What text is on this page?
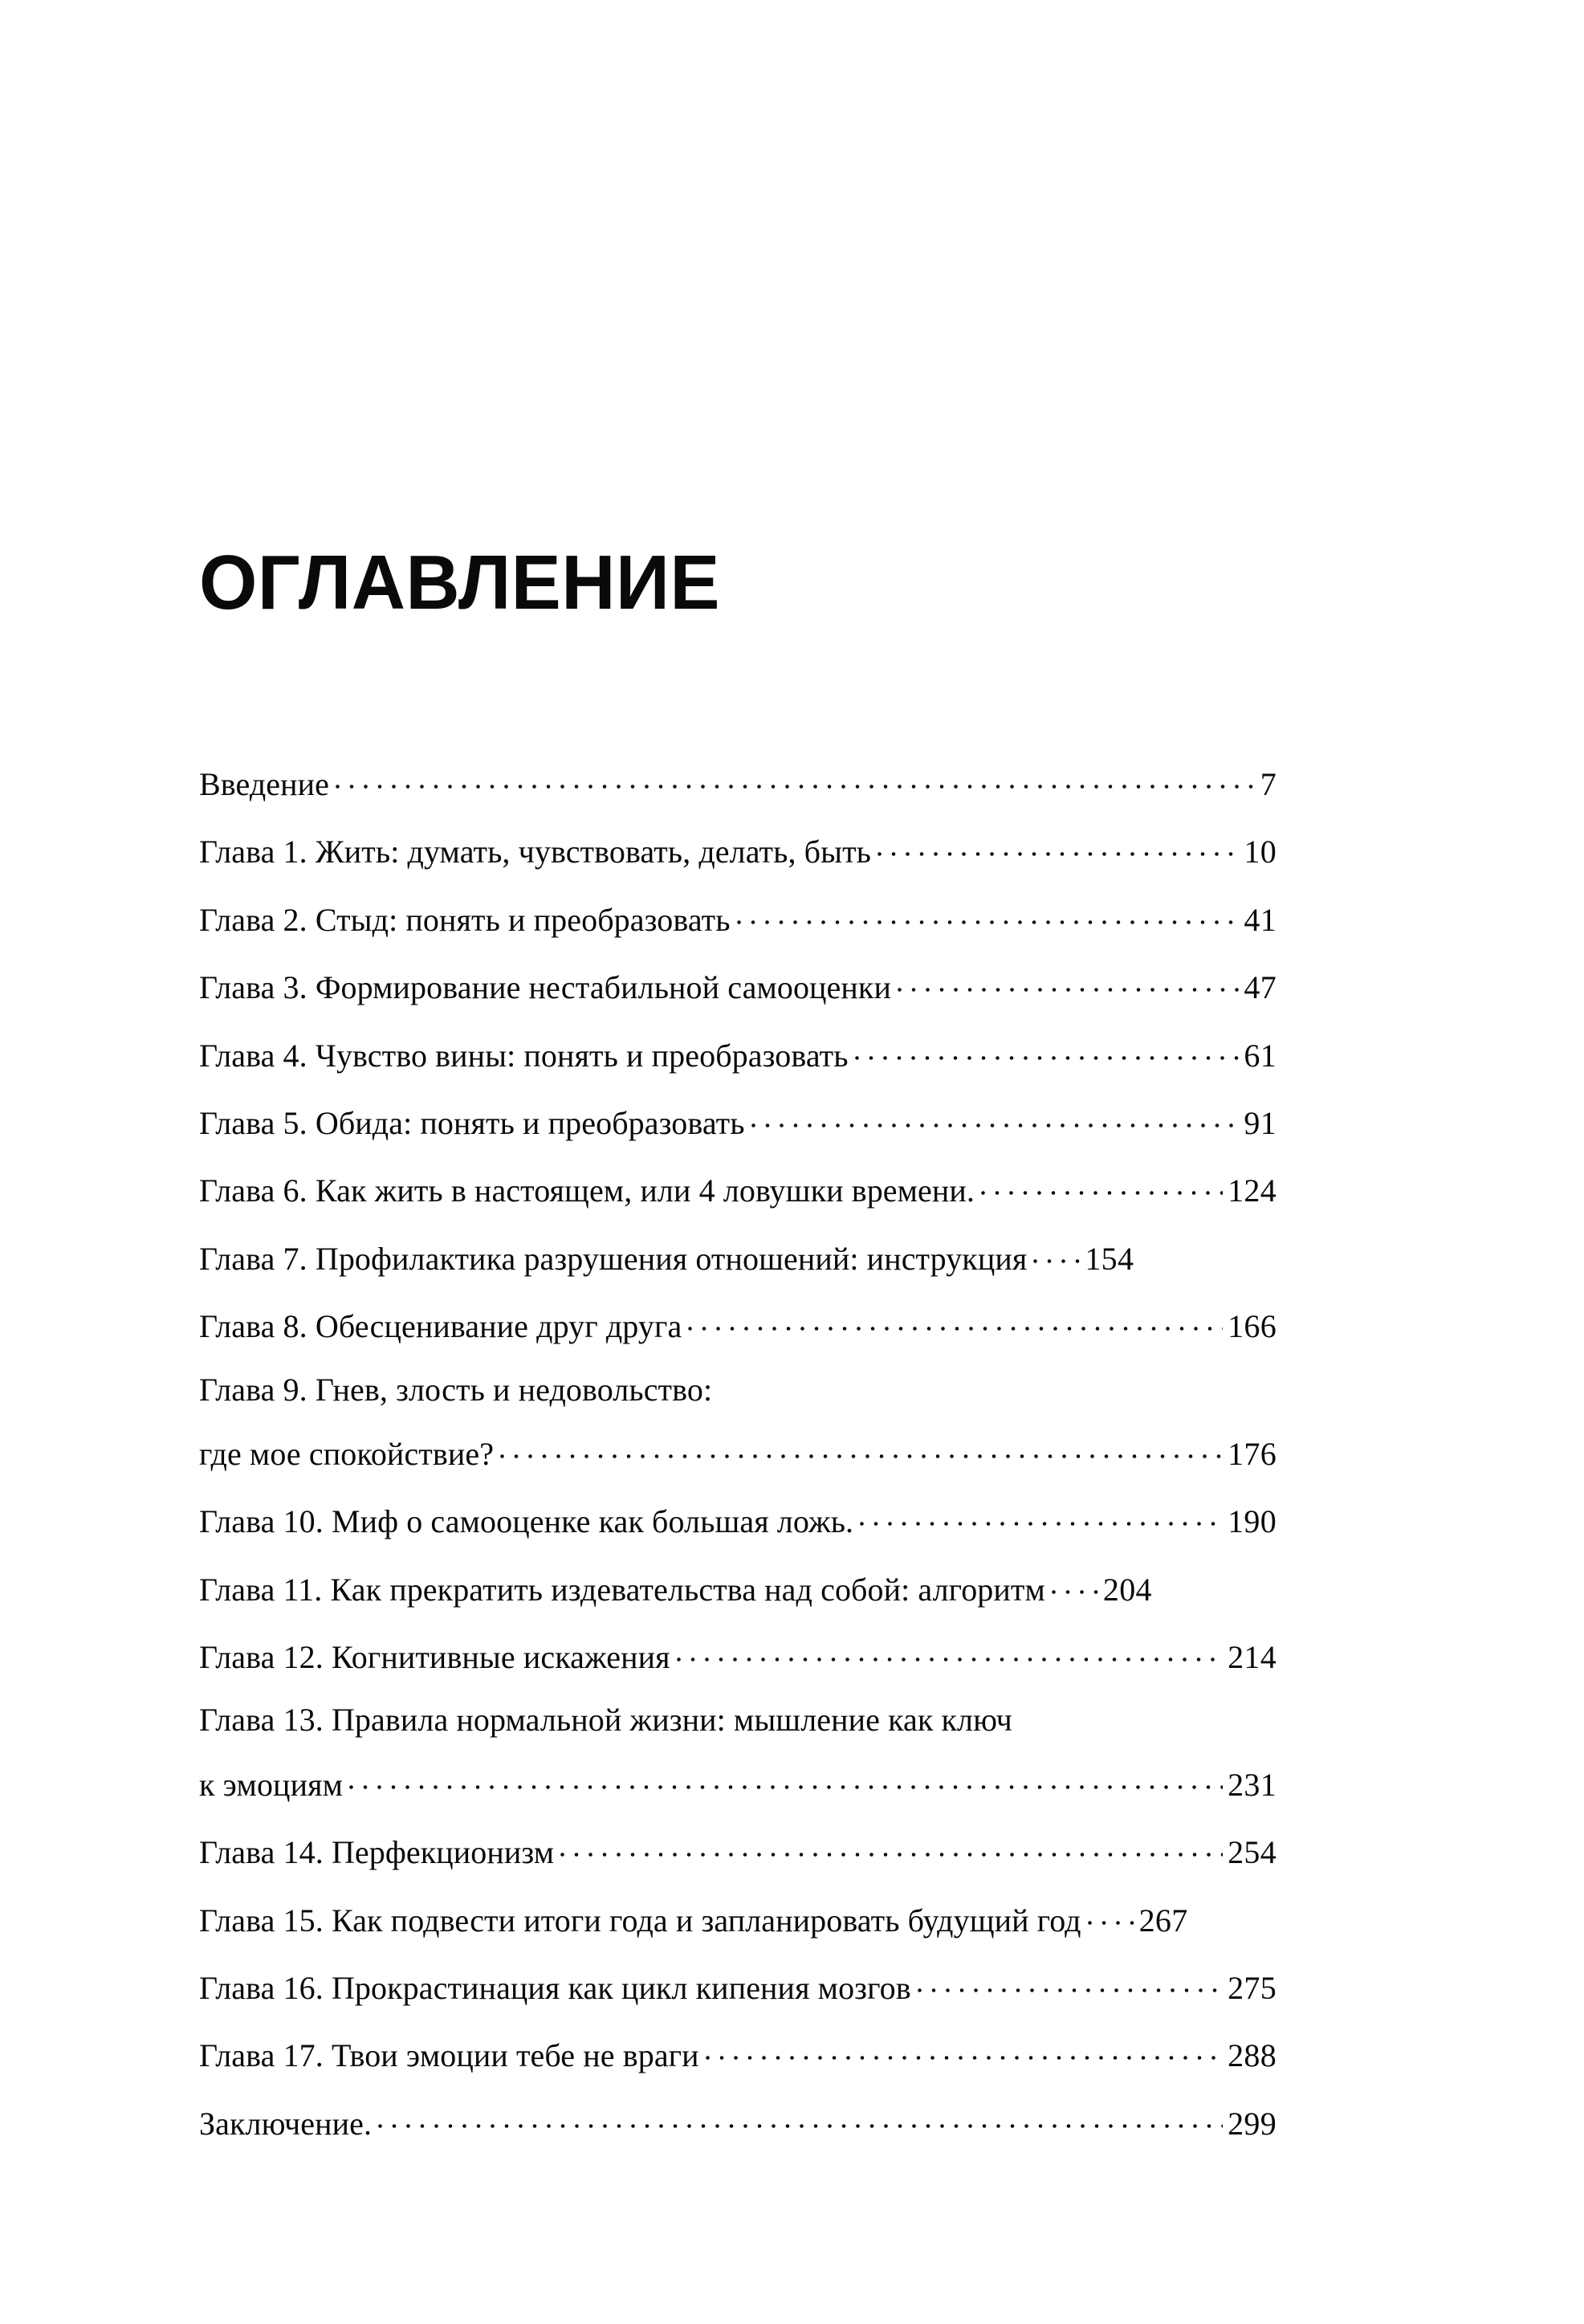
ОГЛАВЛЕНИЕ
Введение	7
Глава 1. Жить: думать, чувствовать, делать, быть	10
Глава 2. Стыд: понять и преобразовать	41
Глава 3. Формирование нестабильной самооценки	47
Глава 4. Чувство вины: понять и преобразовать	61
Глава 5. Обида: понять и преобразовать	91
Глава 6. Как жить в настоящем, или 4 ловушки времени.	124
Глава 7. Профилактика разрушения отношений: инструкция 154
Глава 8. Обесценивание друг друга	166
Глава 9. Гнев, злость и недовольство:
где мое спокойствие?	176
Глава 10. Миф о самооценке как большая ложь.	190
Глава 11. Как прекратить издевательства над собой: алгоритм 204
Глава 12. Когнитивные искажения	214
Глава 13. Правила нормальной жизни: мышление как ключ
к эмоциям	231
Глава 14. Перфекционизм	254
Глава 15. Как подвести итоги года и запланировать будущий год 267
Глава 16. Прокрастинация как цикл кипения мозгов	275
Глава 17. Твои эмоции тебе не враги	288
Заключение.	299
